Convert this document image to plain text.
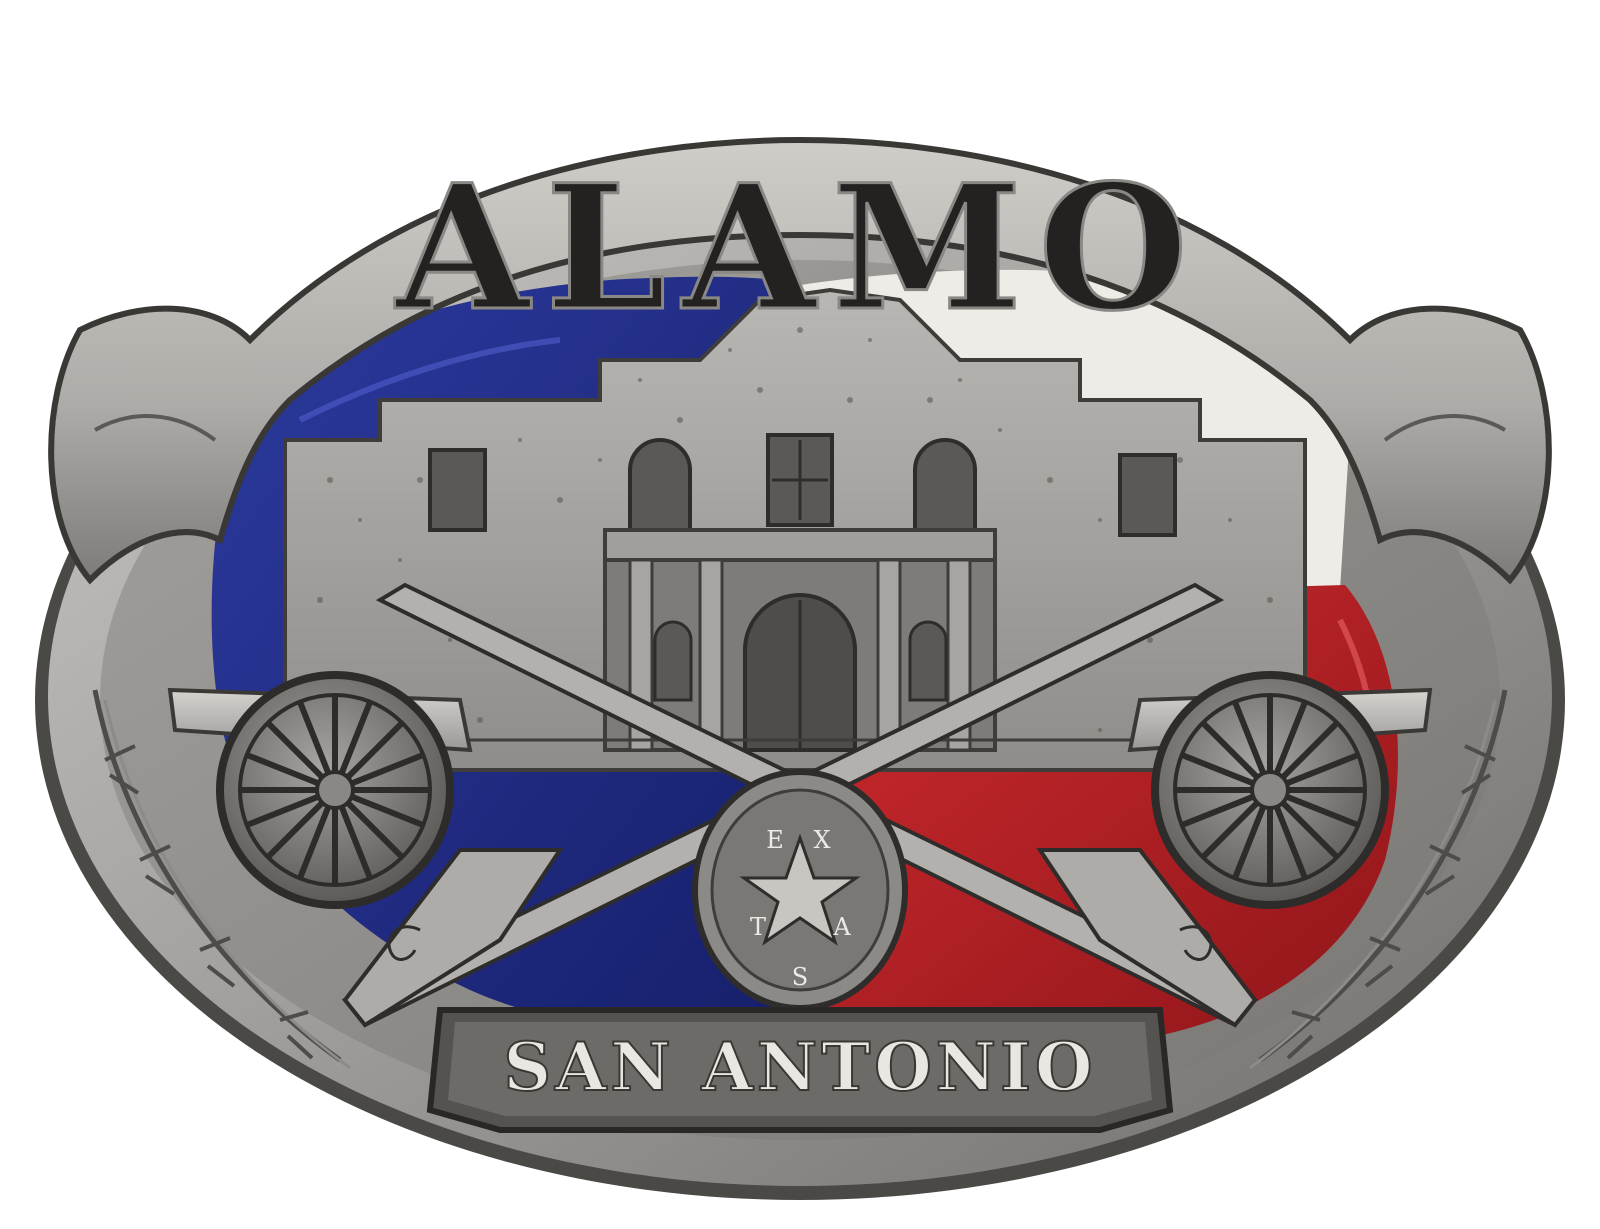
T
E X
A
S
ALAMO
SAN ANTONIO
